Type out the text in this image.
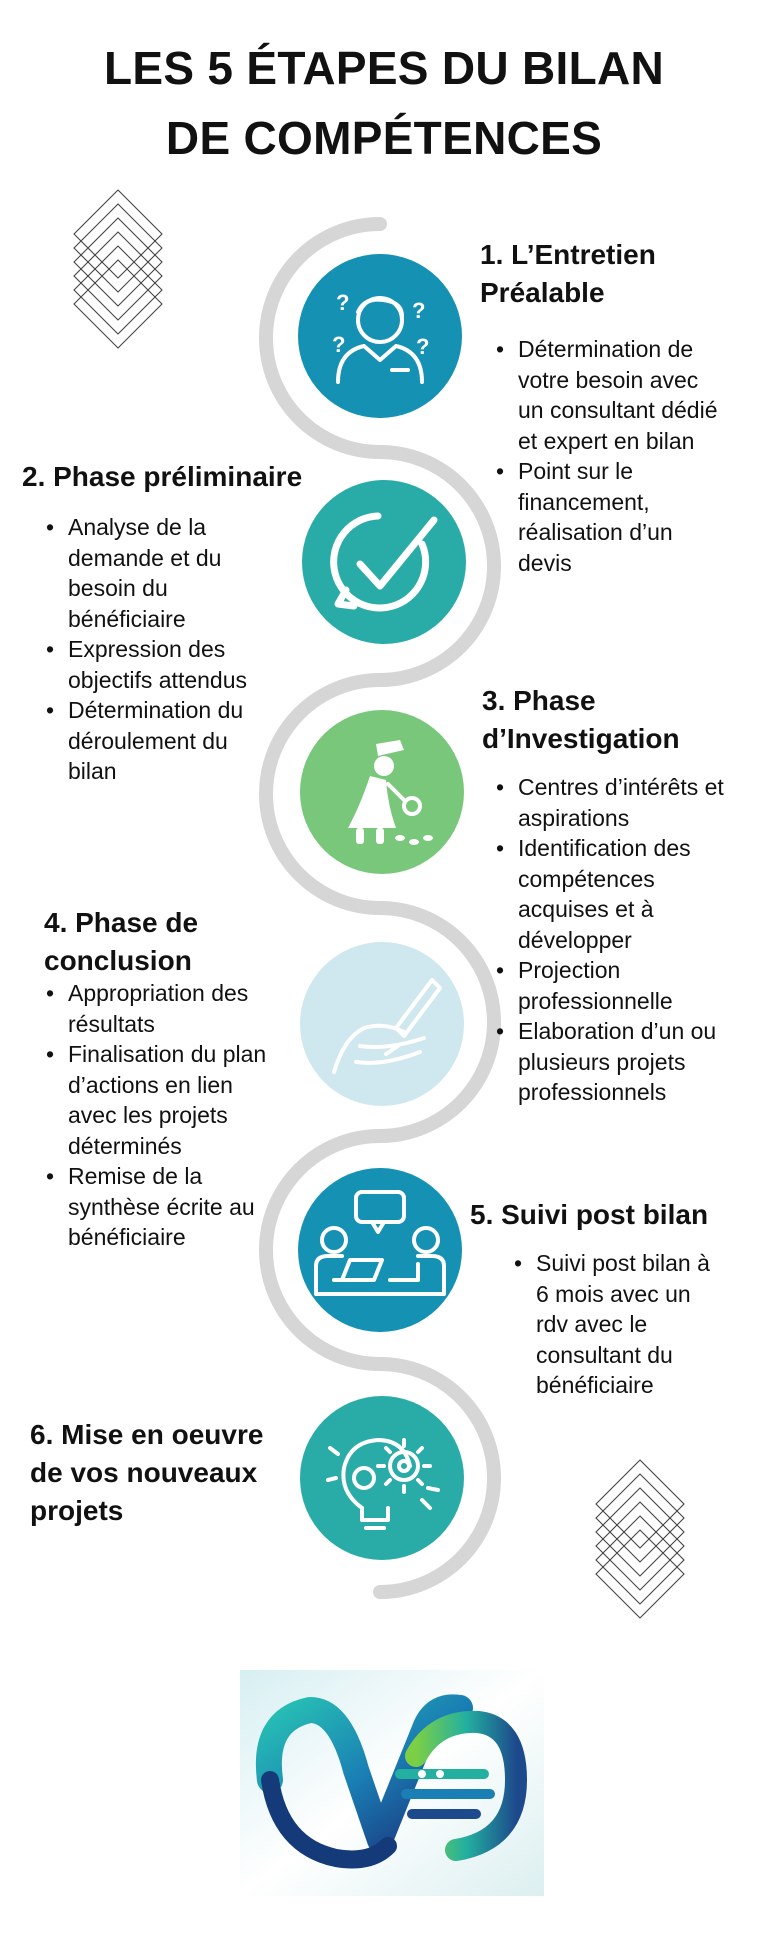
LES 5 ÉTAPES DU BILAN
DE COMPÉTENCES
?	?
?	?
1. L’Entretien
Préalable
• Détermination de
votre besoin avec
un consultant dédié
et expert en bilan
• Point sur le
financement,
réalisation d’un
devis
2. Phase préliminaire
• Analyse de la
demande et du
besoin du
bénéficiaire
• Expression des
objectifs attendus
• Détermination du
déroulement du
bilan
3. Phase
d’Investigation
• Centres d’intérêts et
aspirations
• Identification des
compétences
acquises et à
développer
• Projection
professionnelle
• Elaboration d’un ou
plusieurs projets
professionnels
4. Phase de
conclusion
• Appropriation des
résultats
• Finalisation du plan
d’actions en lien
avec les projets
déterminés
• Remise de la
synthèse écrite au
bénéficiaire
5. Suivi post bilan
• Suivi post bilan à
6 mois avec un
rdv avec le
consultant du
bénéficiaire
6. Mise en oeuvre
de vos nouveaux
projets
